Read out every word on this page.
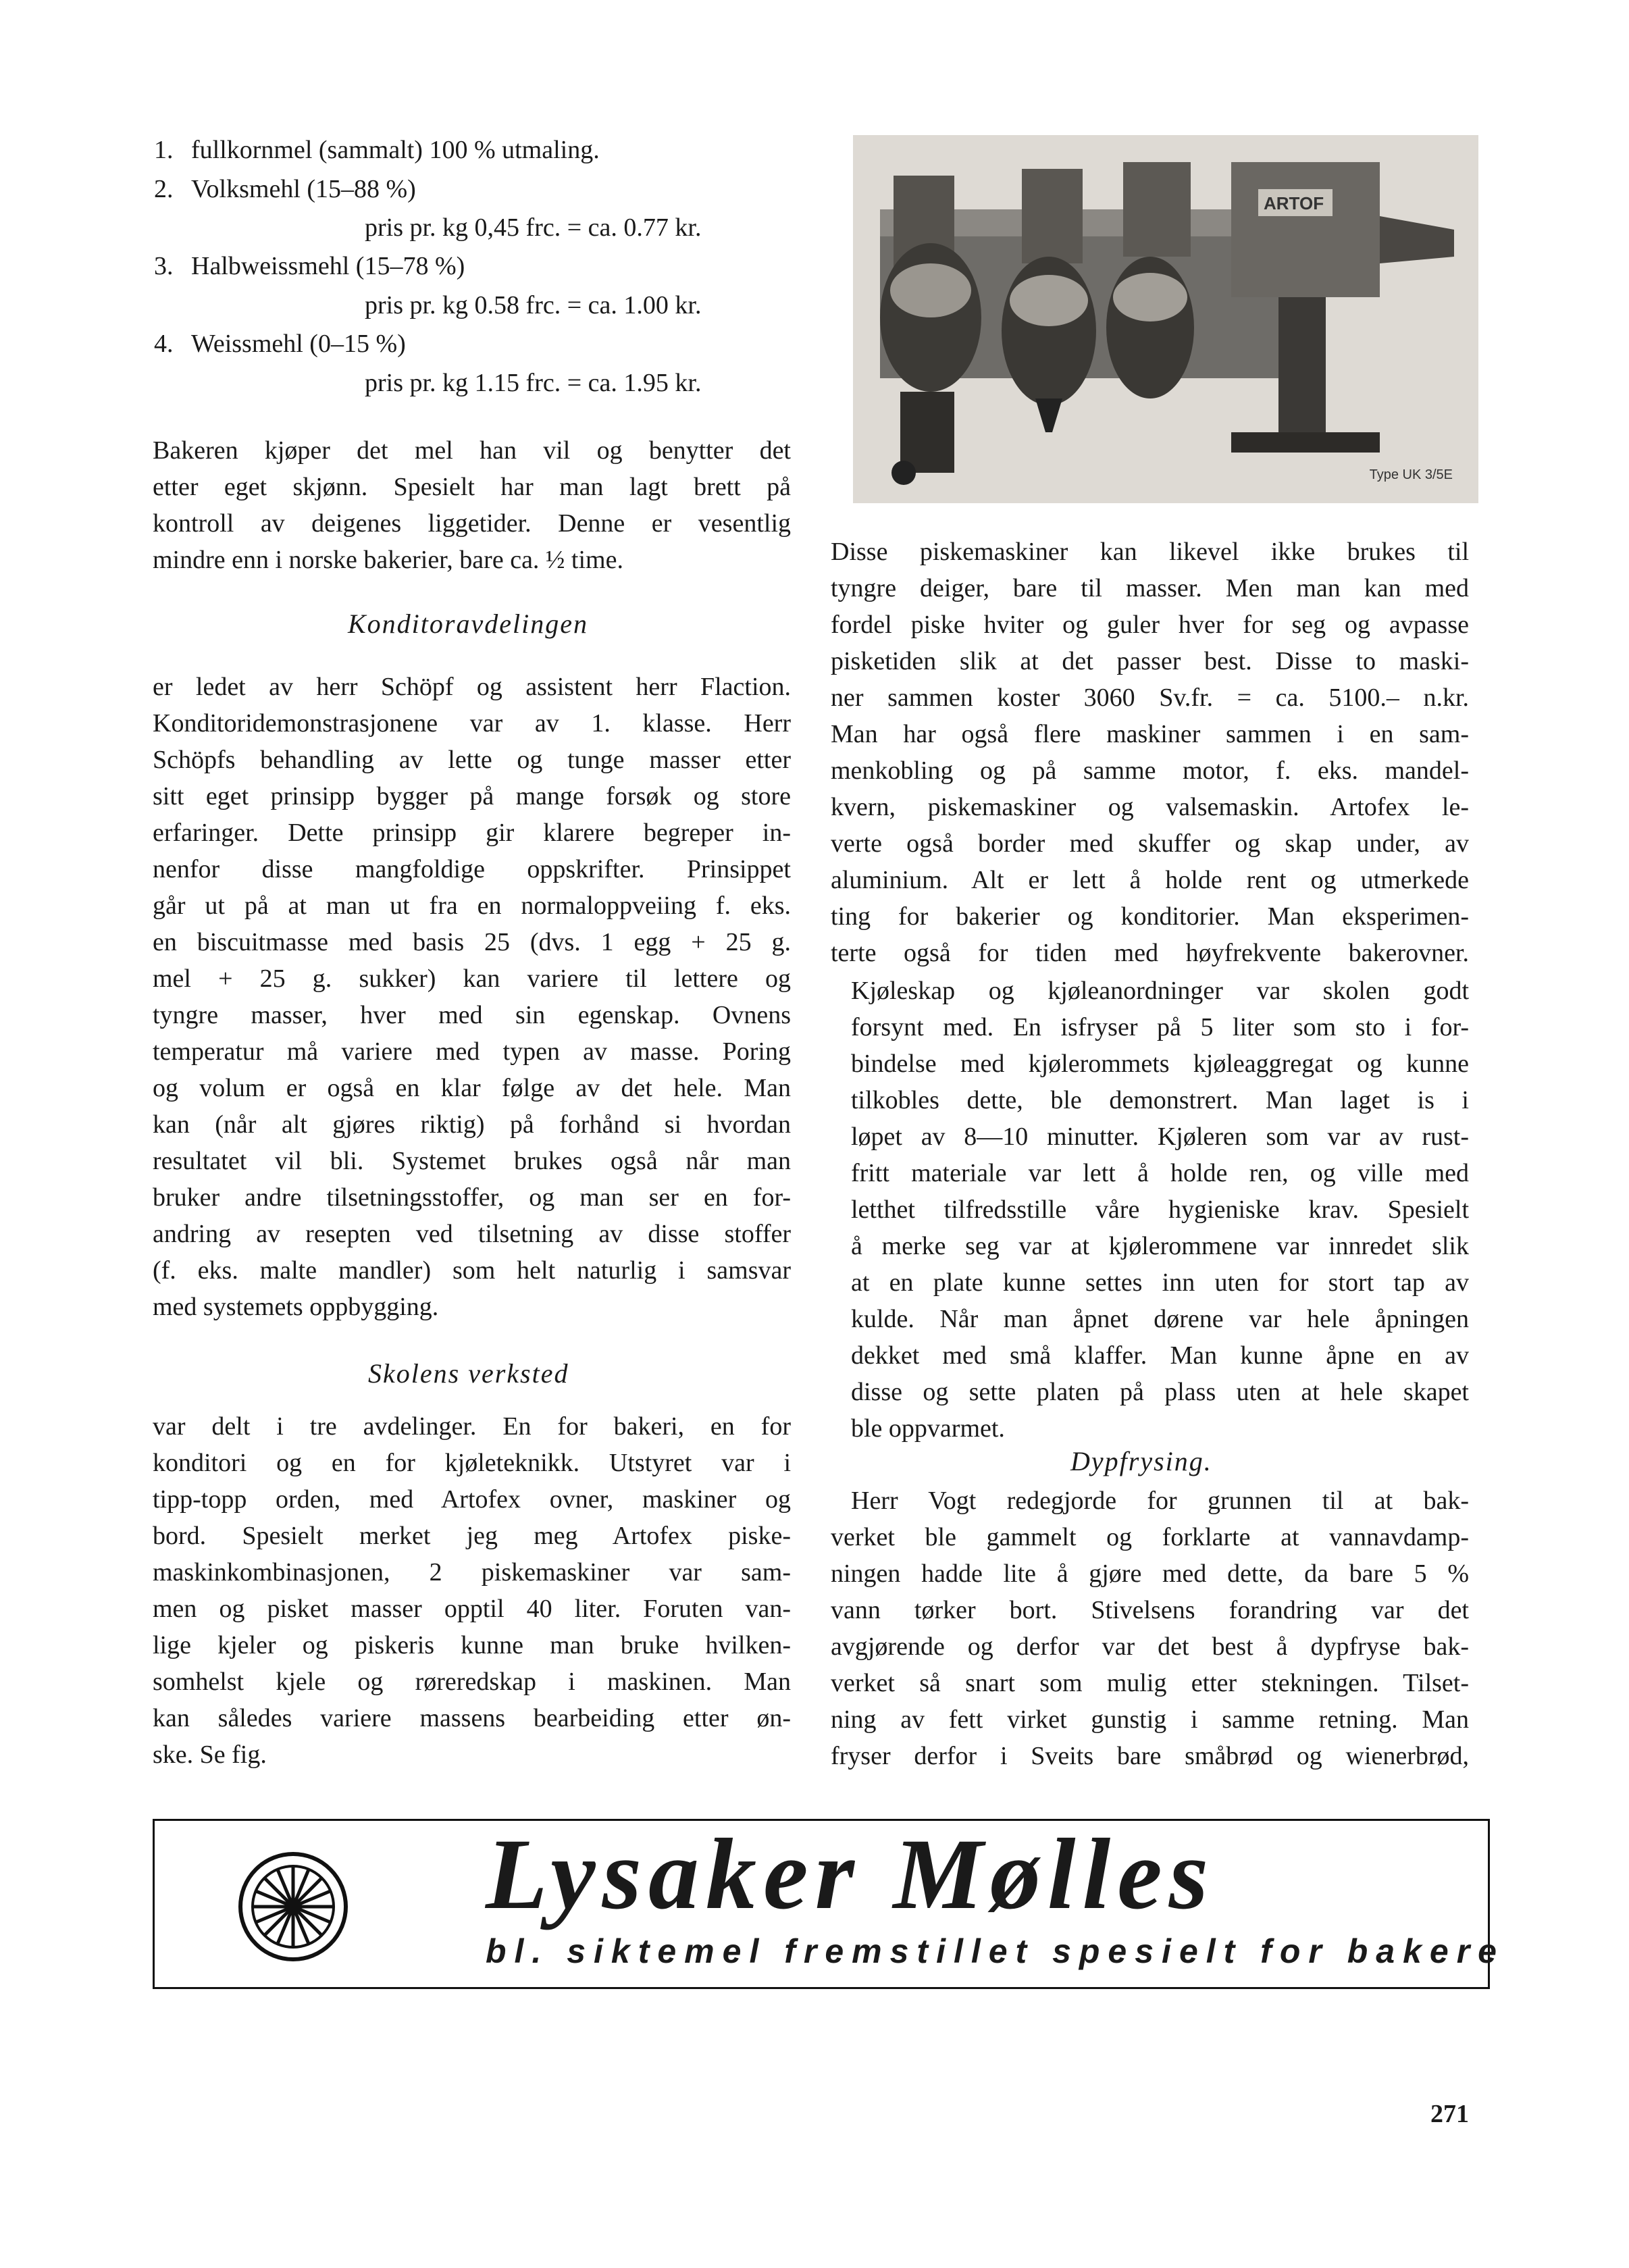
1. fullkornmel (sammalt) 100 % utmaling.
2. Volksmehl (15–88 %)
pris pr. kg 0,45 frc. = ca. 0.77 kr.
3. Halbweissmehl (15–78 %)
pris pr. kg 0.58 frc. = ca. 1.00 kr.
4. Weissmehl (0–15 %)
pris pr. kg 1.15 frc. = ca. 1.95 kr.
Bakeren kjøper det mel han vil og benytter det
etter eget skjønn. Spesielt har man lagt brett på
kontroll av deigenes liggetider. Denne er vesentlig
mindre enn i norske bakerier, bare ca. ½ time.
Konditoravdelingen
er ledet av herr Schöpf og assistent herr Flaction.
Konditoridemonstrasjonene var av 1. klasse. Herr
Schöpfs behandling av lette og tunge masser etter
sitt eget prinsipp bygger på mange forsøk og store
erfaringer. Dette prinsipp gir klarere begreper in-
nenfor disse mangfoldige oppskrifter. Prinsippet
går ut på at man ut fra en normaloppveiing f. eks.
en biscuitmasse med basis 25 (dvs. 1 egg + 25 g.
mel + 25 g. sukker) kan variere til lettere og
tyngre masser, hver med sin egenskap. Ovnens
temperatur må variere med typen av masse. Poring
og volum er også en klar følge av det hele. Man
kan (når alt gjøres riktig) på forhånd si hvordan
resultatet vil bli. Systemet brukes også når man
bruker andre tilsetningsstoffer, og man ser en for-
andring av resepten ved tilsetning av disse stoffer
(f. eks. malte mandler) som helt naturlig i samsvar
med systemets oppbygging.
Skolens verksted
var delt i tre avdelinger. En for bakeri, en for
konditori og en for kjøleteknikk. Utstyret var i
tipp-topp orden, med Artofex ovner, maskiner og
bord. Spesielt merket jeg meg Artofex piske-
maskinkombinasjonen, 2 piskemaskiner var sam-
men og pisket masser opptil 40 liter. Foruten van-
lige kjeler og piskeris kunne man bruke hvilken-
somhelst kjele og røreredskap i maskinen. Man
kan således variere massens bearbeiding etter øn-
ske. Se fig.
ARTOF
Type UK 3/5E
Disse piskemaskiner kan likevel ikke brukes til
tyngre deiger, bare til masser. Men man kan med
fordel piske hviter og guler hver for seg og avpasse
pisketiden slik at det passer best. Disse to maski-
ner sammen koster 3060 Sv.fr. = ca. 5100.– n.kr.
Man har også flere maskiner sammen i en sam-
menkobling og på samme motor, f. eks. mandel-
kvern, piskemaskiner og valsemaskin. Artofex le-
verte også border med skuffer og skap under, av
aluminium. Alt er lett å holde rent og utmerkede
ting for bakerier og konditorier. Man eksperimen-
terte også for tiden med høyfrekvente bakerovner.
Kjøleskap og kjøleanordninger var skolen godt
forsynt med. En isfryser på 5 liter som sto i for-
bindelse med kjølerommets kjøleaggregat og kunne
tilkobles dette, ble demonstrert. Man laget is i
løpet av 8—10 minutter. Kjøleren som var av rust-
fritt materiale var lett å holde ren, og ville med
letthet tilfredsstille våre hygieniske krav. Spesielt
å merke seg var at kjølerommene var innredet slik
at en plate kunne settes inn uten for stort tap av
kulde. Når man åpnet dørene var hele åpningen
dekket med små klaffer. Man kunne åpne en av
disse og sette platen på plass uten at hele skapet
ble oppvarmet.
Dypfrysing.
Herr Vogt redegjorde for grunnen til at bak-
verket ble gammelt og forklarte at vannavdamp-
ningen hadde lite å gjøre med dette, da bare 5 %
vann tørker bort. Stivelsens forandring var det
avgjørende og derfor var det best å dypfryse bak-
verket så snart som mulig etter stekningen. Tilset-
ning av fett virket gunstig i samme retning. Man
fryser derfor i Sveits bare småbrød og wienerbrød,
Lysaker Mølles
bl. siktemel fremstillet spesielt for bakere
271
